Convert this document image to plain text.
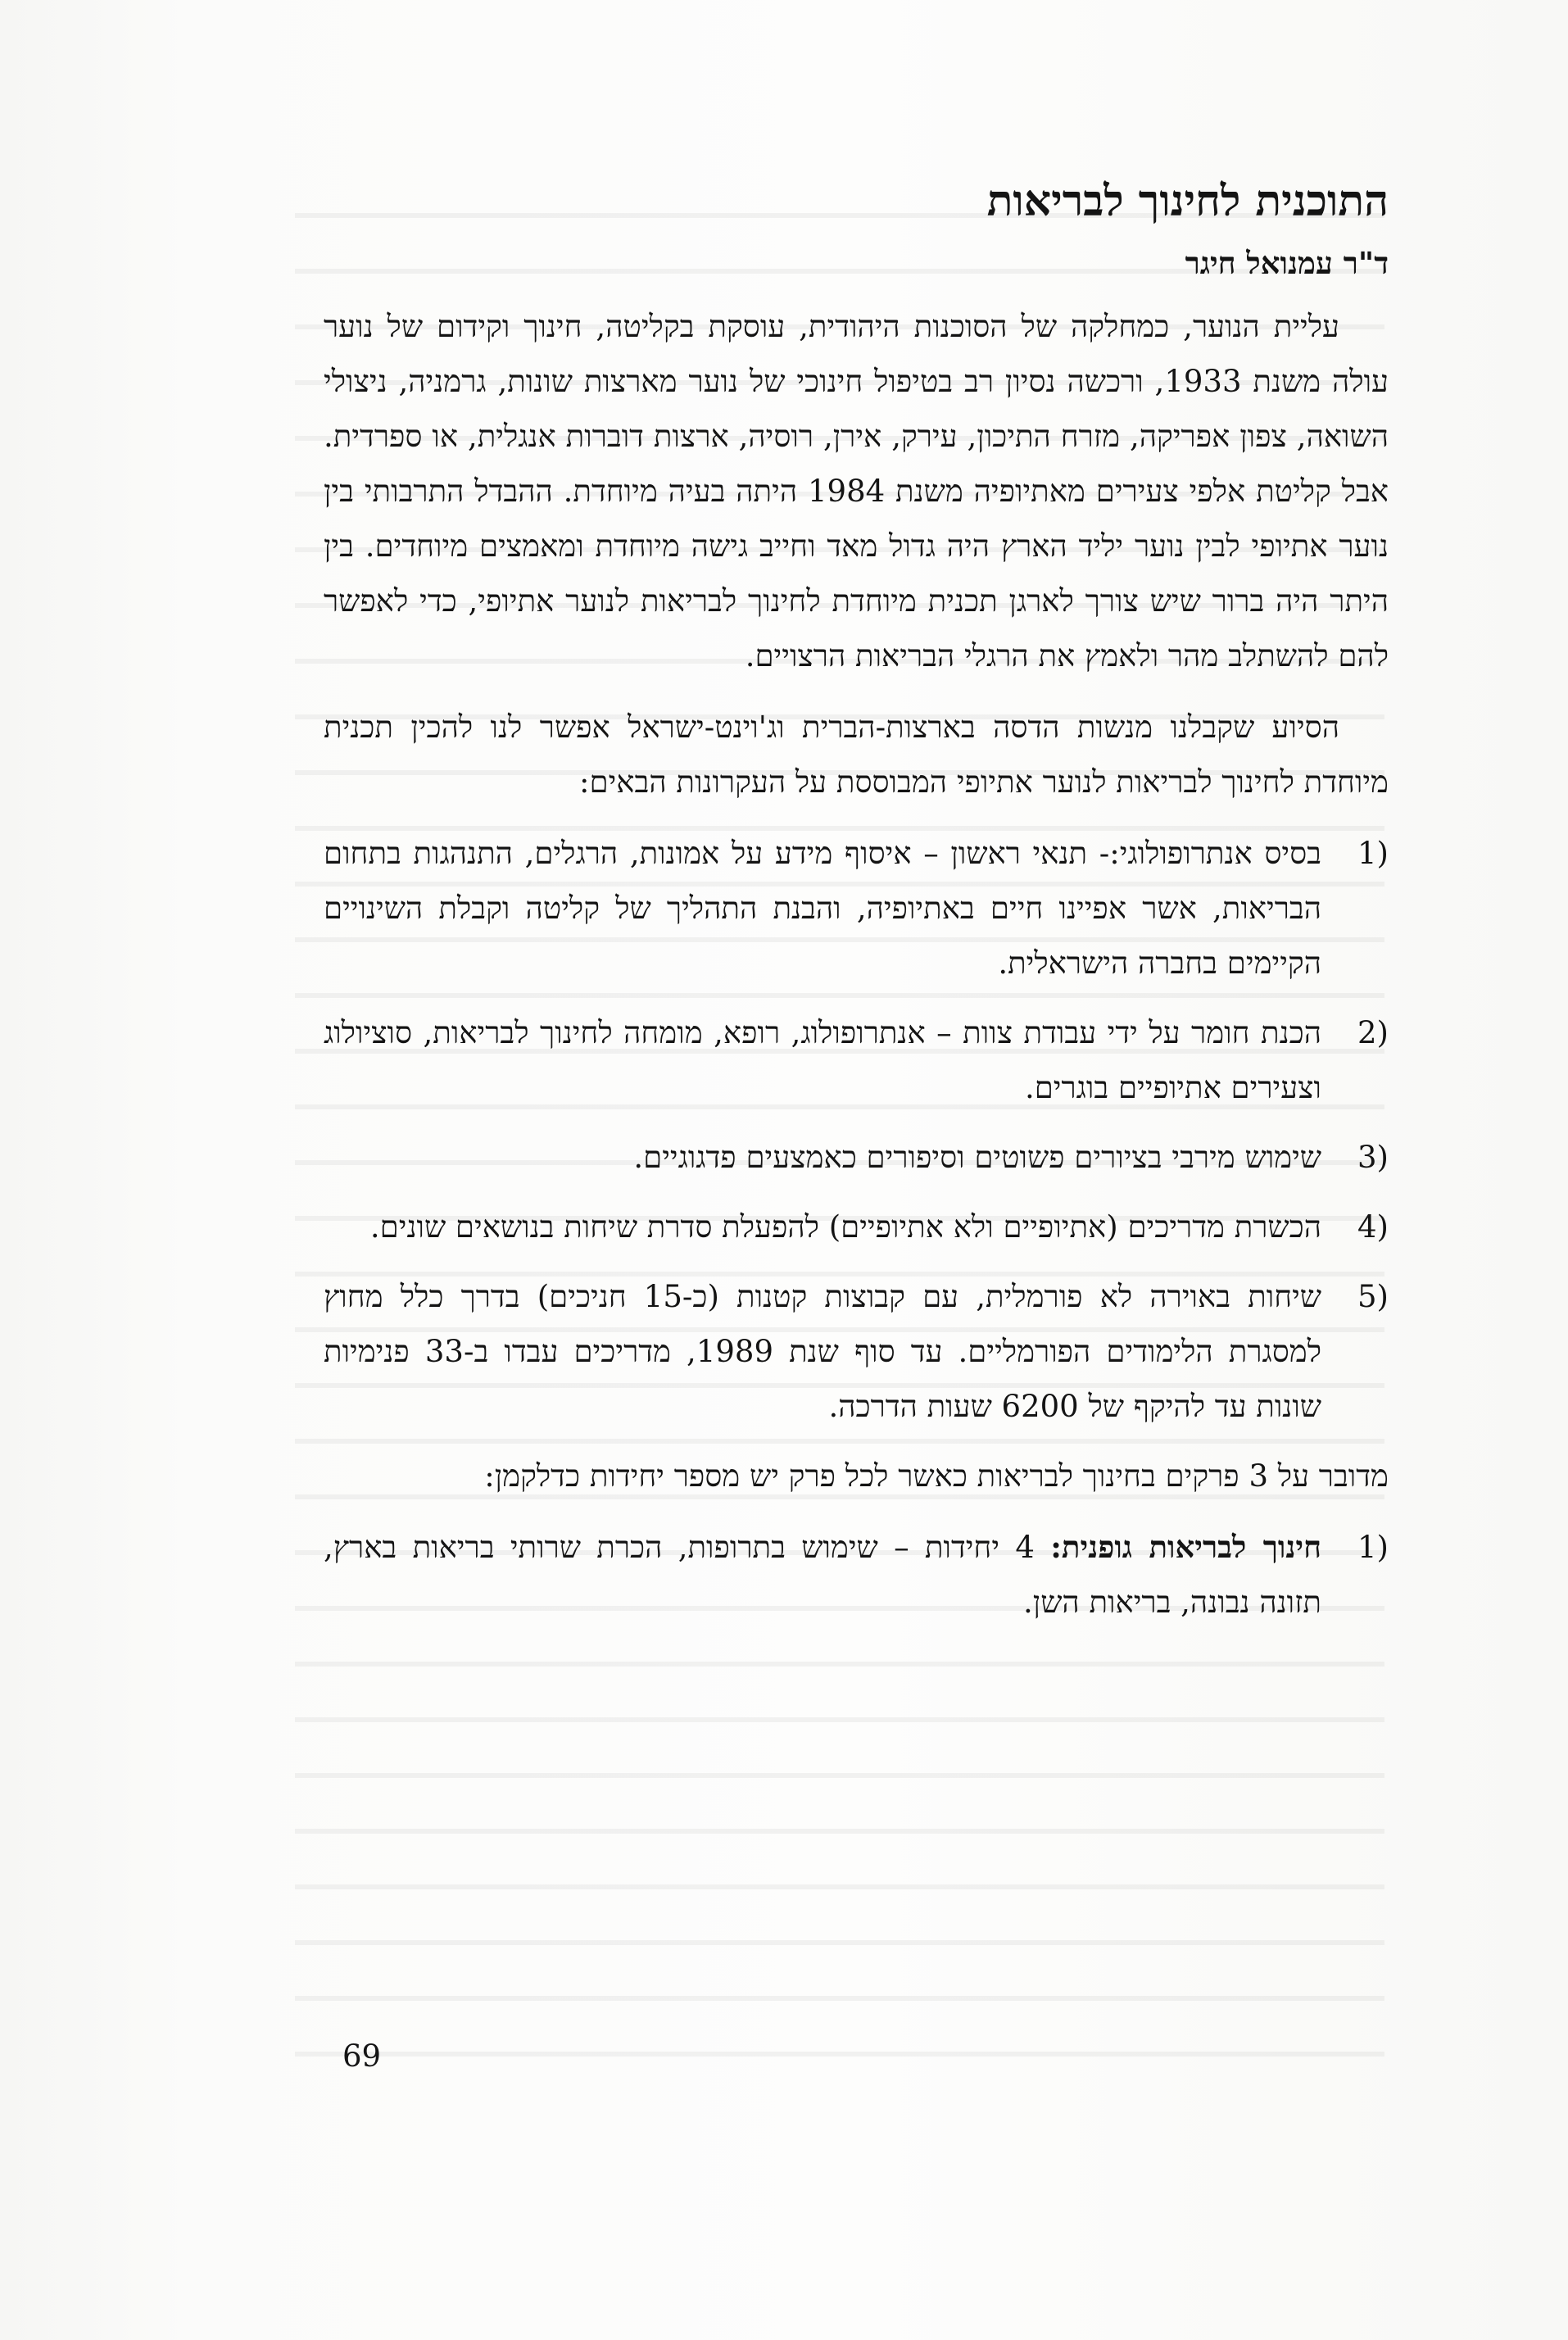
התוכנית לחינוך לבריאות
ד"ר עמנואל חיגר

עליית הנוער, כמחלקה של הסוכנות היהודית, עוסקת בקליטה, חינוך וקידום של נוער עולה משנת 1933, ורכשה נסיון רב בטיפול חינוכי של נוער מארצות שונות, גרמניה, ניצולי השואה, צפון אפריקה, מזרח התיכון, עירק, אירן, רוסיה, ארצות דוברות אנגלית, או ספרדית. אבל קליטת אלפי צעירים מאתיופיה משנת 1984 היתה בעיה מיוחדת. ההבדל התרבותי בין נוער אתיופי לבין נוער יליד הארץ היה גדול מאד וחייב גישה מיוחדת ומאמצים מיוחדים. בין היתר היה ברור שיש צורך לארגן תכנית מיוחדת לחינוך לבריאות לנוער אתיופי, כדי לאפשר להם להשתלב מהר ולאמץ את הרגלי הבריאות הרצויים.

הסיוע שקבלנו מנשות הדסה בארצות-הברית וג'וינט-ישראל אפשר לנו להכין תכנית מיוחדת לחינוך לבריאות לנוער אתיופי המבוססת על העקרונות הבאים:

1)
בסיס אנתרופולוגי:- תנאי ראשון – איסוף מידע על אמונות, הרגלים, התנהגות בתחום הבריאות, אשר אפיינו חיים באתיופיה, והבנת התהליך של קליטה וקבלת השינויים הקיימים בחברה הישראלית.
2)
הכנת חומר על ידי עבודת צוות – אנתרופולוג, רופא, מומחה לחינוך לבריאות, סוציולוג וצעירים אתיופיים בוגרים.
3)
שימוש מירבי בציורים פשוטים וסיפורים כאמצעים פדגוגיים.
4)
הכשרת מדריכים (אתיופיים ולא אתיופיים) להפעלת סדרת שיחות בנושאים שונים.
5)
שיחות באוירה לא פורמלית, עם קבוצות קטנות (כ-15 חניכים) בדרך כלל מחוץ למסגרת הלימודים הפורמליים. עד סוף שנת 1989, מדריכים עבדו ב-33 פנימיות שונות עד להיקף של 6200 שעות הדרכה.

מדובר על 3 פרקים בחינוך לבריאות כאשר לכל פרק יש מספר יחידות כדלקמן:

1)
חינוך לבריאות גופנית: 4 יחידות – שימוש בתרופות, הכרת שרותי בריאות בארץ, תזונה נבונה, בריאות השן.
69
